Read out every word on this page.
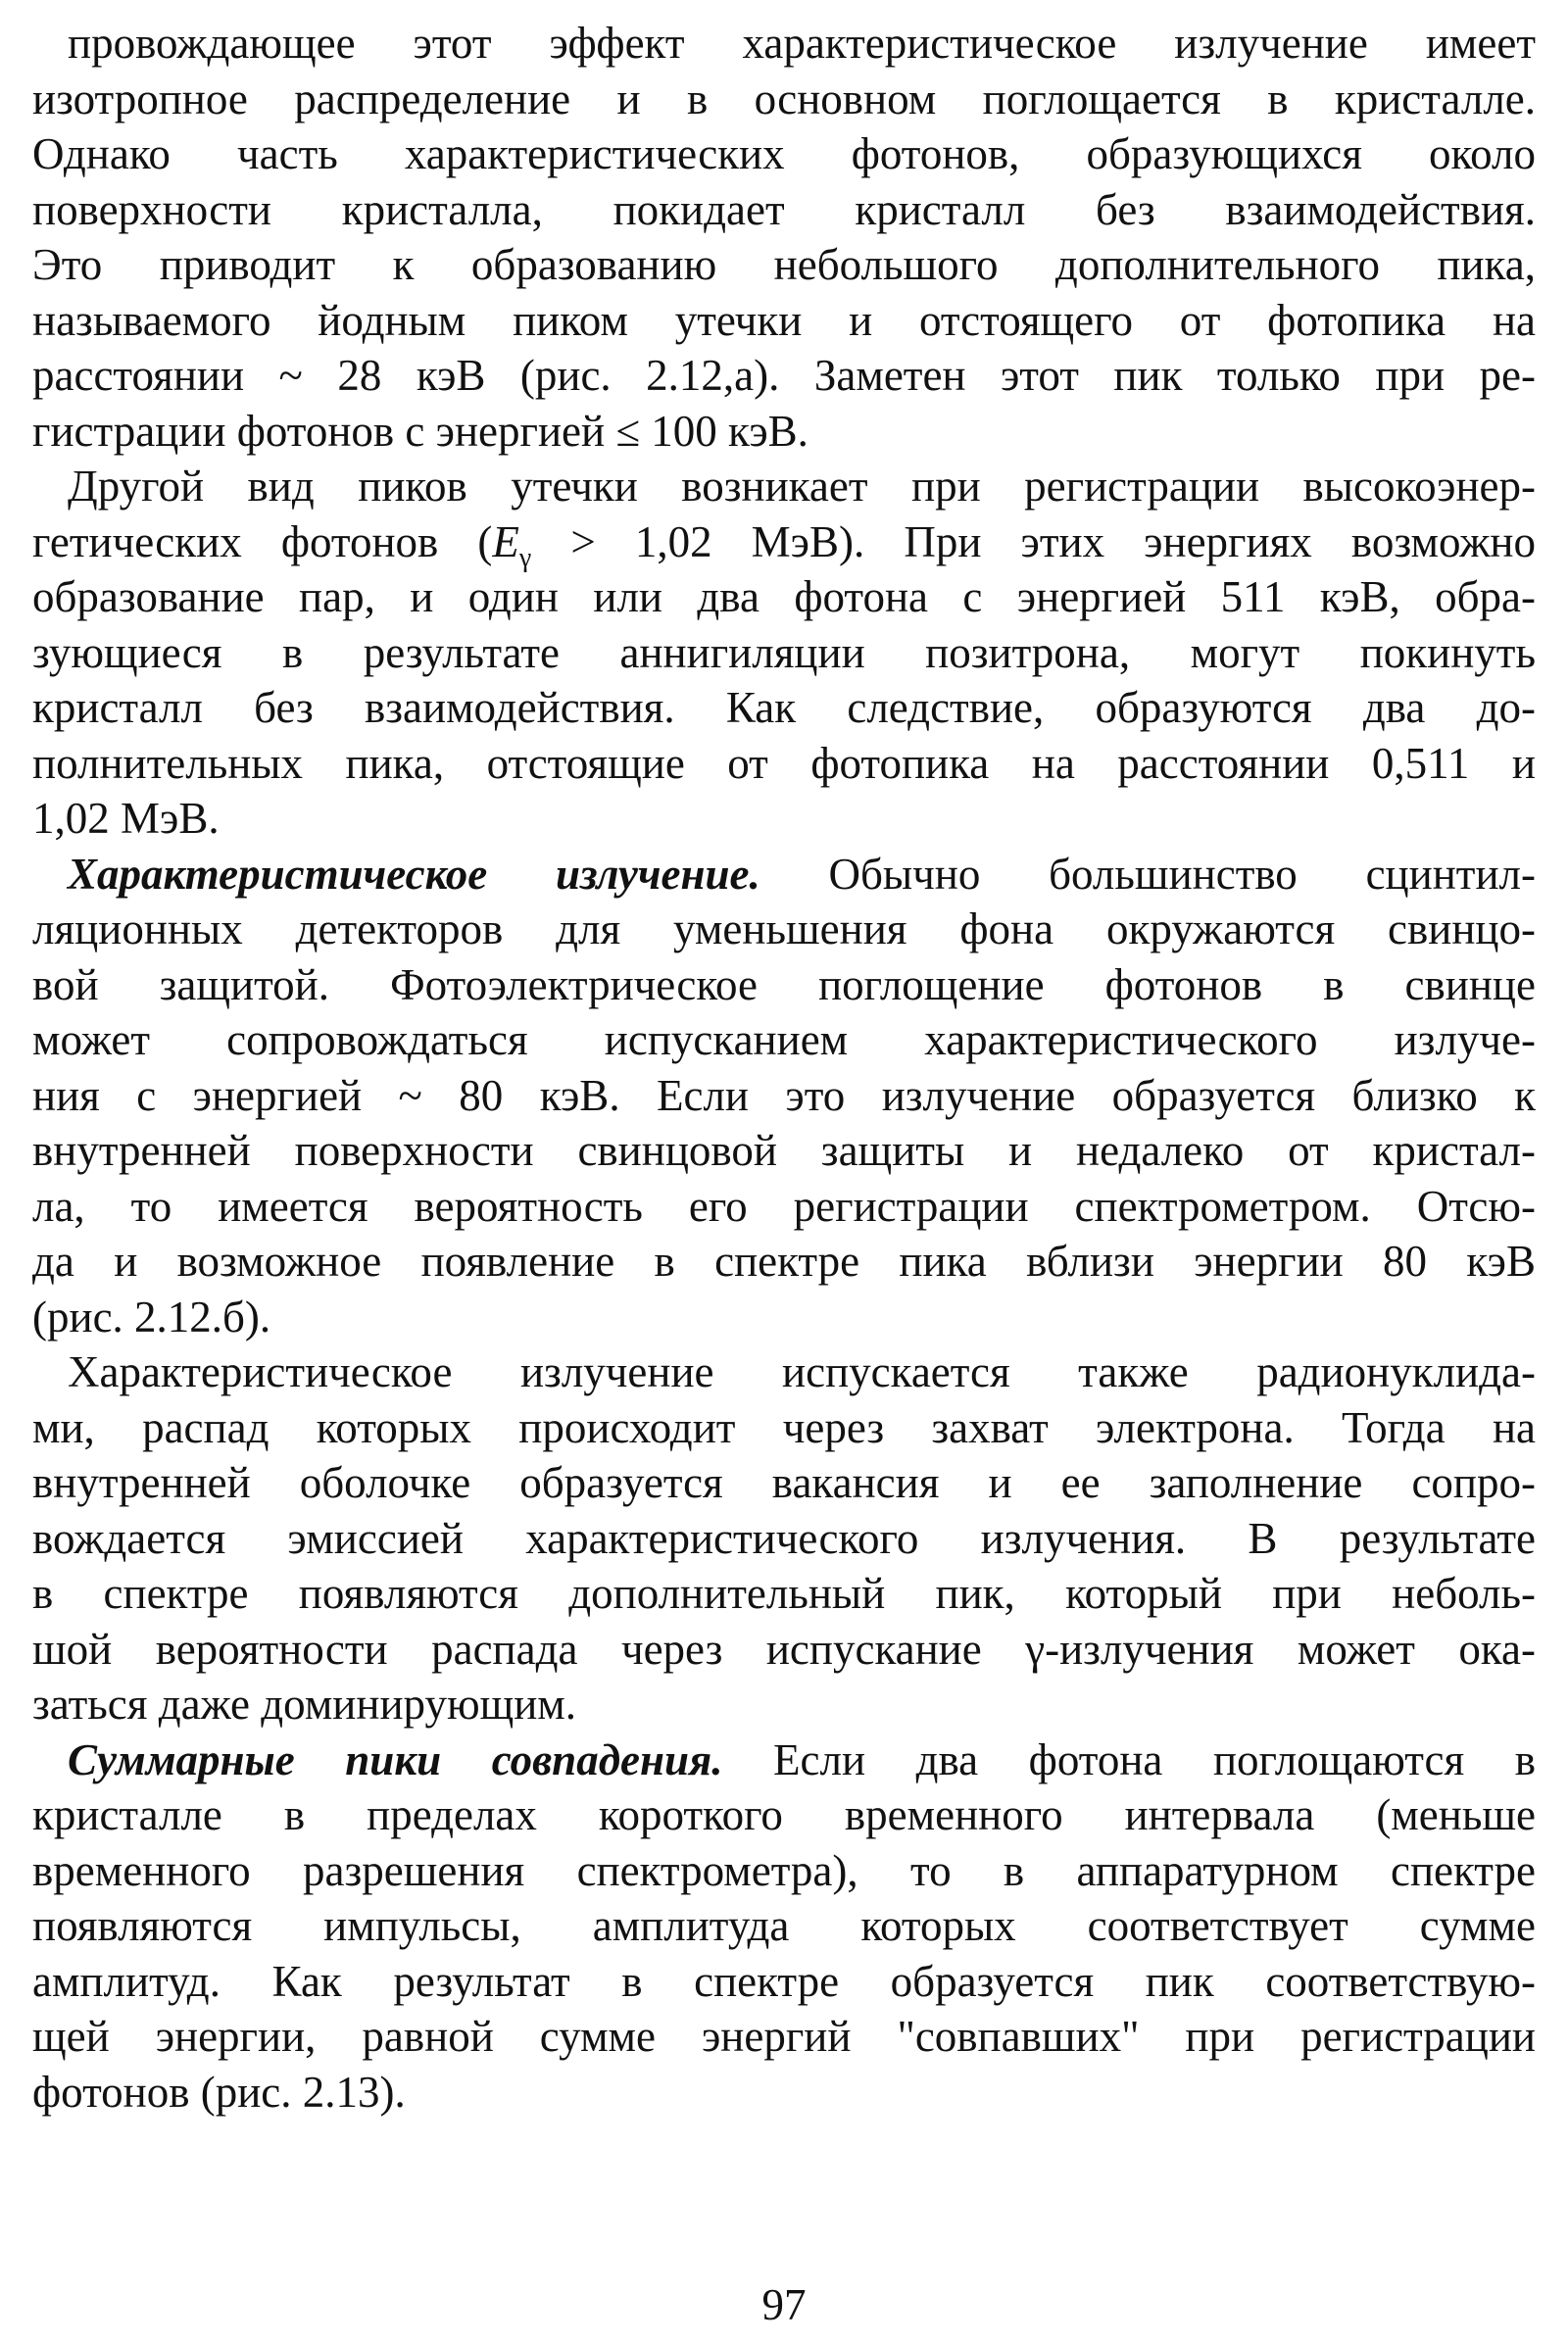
провождающее этот эффект характеристическое излучение имеет
изотропное распределение и в основном поглощается в кристалле.
Однако часть характеристических фотонов, образующихся около
поверхности кристалла, покидает кристалл без взаимодействия.
Это приводит к образованию небольшого дополнительного пика,
называемого йодным пиком утечки и отстоящего от фотопика на
расстоянии ~ 28 кэВ (рис. 2.12,а). Заметен этот пик только при ре-
гистрации фотонов с энергией ≤ 100 кэВ.
Другой вид пиков утечки возникает при регистрации высокоэнер-
гетических фотонов ($E_\gamma > 1,02$ МэВ). При этих энергиях возможно
образование пар, и один или два фотона с энергией 511 кэВ, обра-
зующиеся в результате аннигиляции позитрона, могут покинуть
кристалл без взаимодействия. Как следствие, образуются два до-
полнительных пика, отстоящие от фотопика на расстоянии 0,511 и
1,02 МэВ.
Характеристическое излучение. Обычно большинство сцинтил-
ляционных детекторов для уменьшения фона окружаются свинцо-
вой защитой. Фотоэлектрическое поглощение фотонов в свинце
может сопровождаться испусканием характеристического излуче-
ния с энергией ~ 80 кэВ. Если это излучение образуется близко к
внутренней поверхности свинцовой защиты и недалеко от кристал-
ла, то имеется вероятность его регистрации спектрометром. Отсю-
да и возможное появление в спектре пика вблизи энергии 80 кэВ
(рис. 2.12.б).
Характеристическое излучение испускается также радионуклида-
ми, распад которых происходит через захват электрона. Тогда на
внутренней оболочке образуется вакансия и ее заполнение сопро-
вождается эмиссией характеристического излучения. В результате
в спектре появляются дополнительный пик, который при неболь-
шой вероятности распада через испускание γ-излучения может ока-
заться даже доминирующим.
Суммарные пики совпадения. Если два фотона поглощаются в
кристалле в пределах короткого временного интервала (меньше
временного разрешения спектрометра), то в аппаратурном спектре
появляются импульсы, амплитуда которых соответствует сумме
амплитуд. Как результат в спектре образуется пик соответствую-
щей энергии, равной сумме энергий "совпавших" при регистрации
фотонов (рис. 2.13).
97
